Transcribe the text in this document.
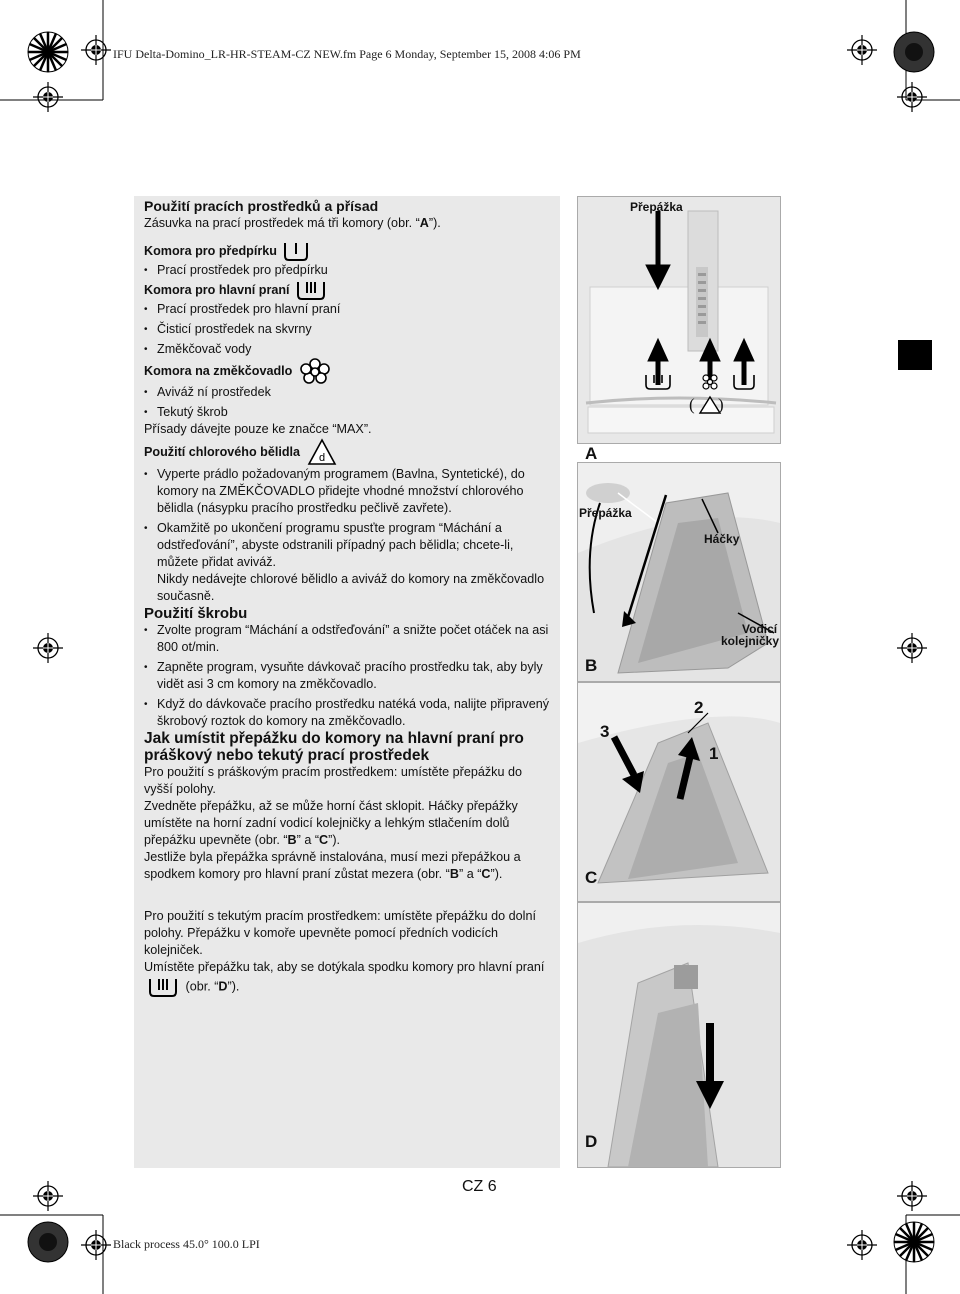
IFU Delta-Domino_LR-HR-STEAM-CZ NEW.fm Page 6 Monday, September 15, 2008 4:06 PM
Black process 45.0° 100.0 LPI
CZ 6

Použití pracích prostředků a přísad

Zásuvka na prací prostředek má tři komory (obr. “A”).

Komora pro předpírku

• Prací prostředek pro předpírku

Komora pro hlavní praní

• Prací prostředek pro hlavní praní
• Čisticí prostředek na skvrny
• Změkčovač vody

Komora na změkčovadlo

• Aviváž ní prostředek
• Tekutý škrob

Přísady dávejte pouze ke značce “MAX”.

Použití chlorového bělidla d

• Vyperte prádlo požadovaným programem (Bavlna, Syntetické), do komory na ZMĚKČOVADLO přidejte vhodné množství chlorového bělidla (násypku pracího prostředku pečlivě zavřete).
• Okamžitě po ukončení programu spusťte program “Máchání a odstřeďování”, abyste odstranili případný pach bělidla; chcete-li, můžete přidat aviváž.

Nikdy nedávejte chlorové bělidlo a aviváž do komory na změkčovadlo současně.

Použití škrobu

• Zvolte program “Máchání a odstřeďování” a snižte počet otáček na asi 800 ot/min.
• Zapněte program, vysuňte dávkovač pracího prostředku tak, aby byly vidět asi 3 cm komory na změkčovadlo.
• Když do dávkovače pracího prostředku natéká voda, nalijte připravený škrobový roztok do komory na změkčovadlo.

Jak umístit přepážku do komory na hlavní praní pro

práškový nebo tekutý prací prostředek

Pro použití s práškovým pracím prostředkem: umístěte přepážku do vyšší polohy.

Zvedněte přepážku, až se může horní část sklopit. Háčky přepážky umístěte na horní zadní vodicí kolejničky a lehkým stlačením dolů přepážku upevněte (obr. “B” a “C”).

Jestliže byla přepážka správně instalována, musí mezi přepážkou a spodkem komory pro hlavní praní zůstat mezera (obr. “B” a “C”).

Pro použití s tekutým pracím prostředkem: umístěte přepážku do dolní polohy. Přepážku v komoře upevněte pomocí předních vodicích kolejniček.

Umístěte přepážku tak, aby se dotýkala spodku komory pro hlavní praní  (obr. “D”).

Přepážka
( )
A
Přepážka
Háčky
Vodicí
kolejničky
B
3
2
1
C
D
